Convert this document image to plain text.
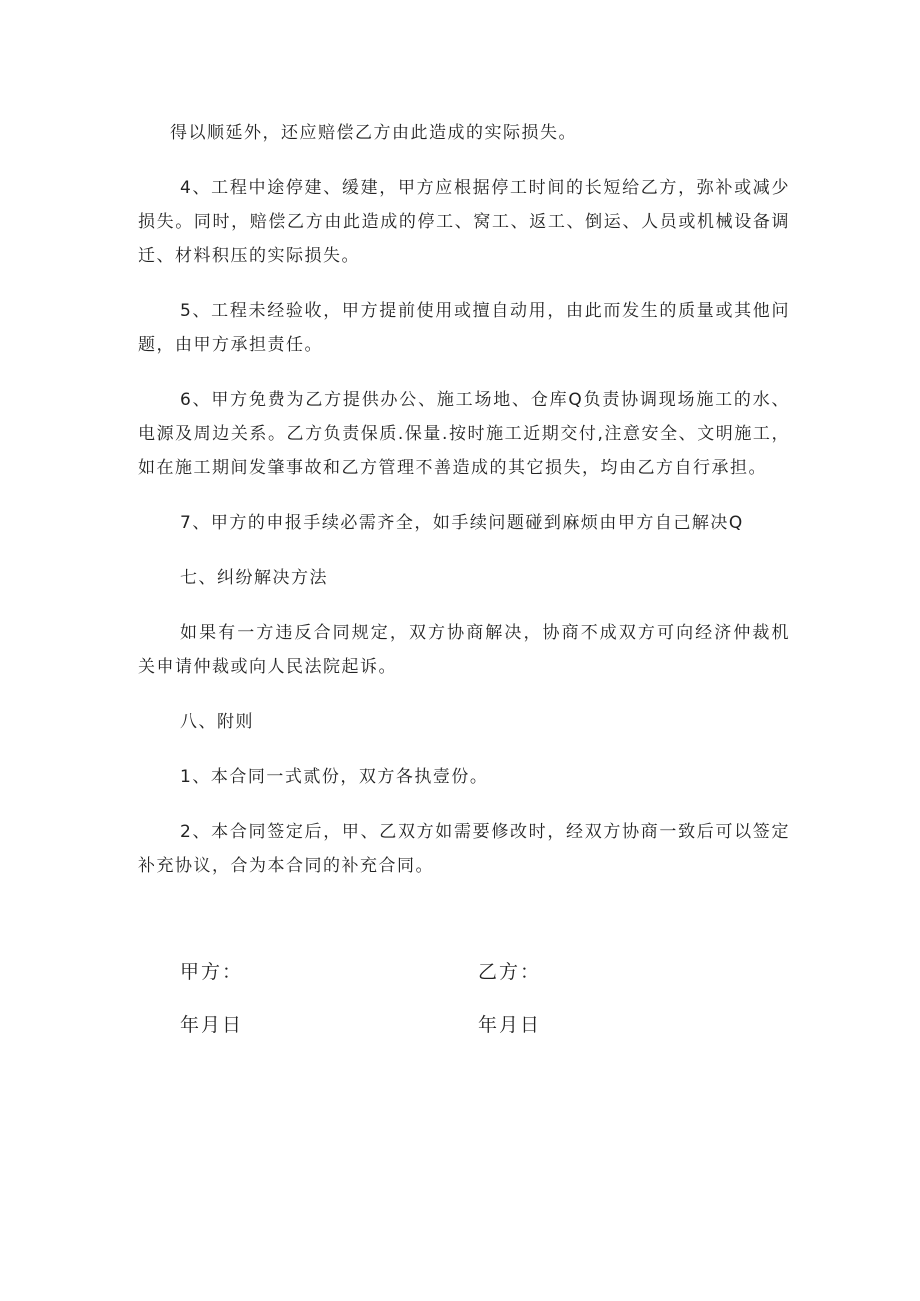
得以顺延外，还应赔偿乙方由此造成的实际损失。

4、工程中途停建、缓建，甲方应根据停工时间的长短给乙方，弥补或减少损失。同时，赔偿乙方由此造成的停工、窝工、返工、倒运、人员或机械设备调迁、材料积压的实际损失。

5、工程未经验收，甲方提前使用或擅自动用，由此而发生的质量或其他问题，由甲方承担责任。

6、甲方免费为乙方提供办公、施工场地、仓库Q负责协调现场施工的水、电源及周边关系。乙方负责保质.保量.按时施工近期交付,注意安全、文明施工，如在施工期间发肇事故和乙方管理不善造成的其它损失，均由乙方自行承担。

7、甲方的申报手续必需齐全，如手续问题碰到麻烦由甲方自己解决Q

七、纠纷解决方法

如果有一方违反合同规定，双方协商解决，协商不成双方可向经济仲裁机关申请仲裁或向人民法院起诉。

八、附则

1、本合同一式贰份，双方各执壹份。

2、本合同签定后，甲、乙双方如需要修改时，经双方协商一致后可以签定补充协议，合为本合同的补充合同。

甲方：	乙方：
年月日	年月日
